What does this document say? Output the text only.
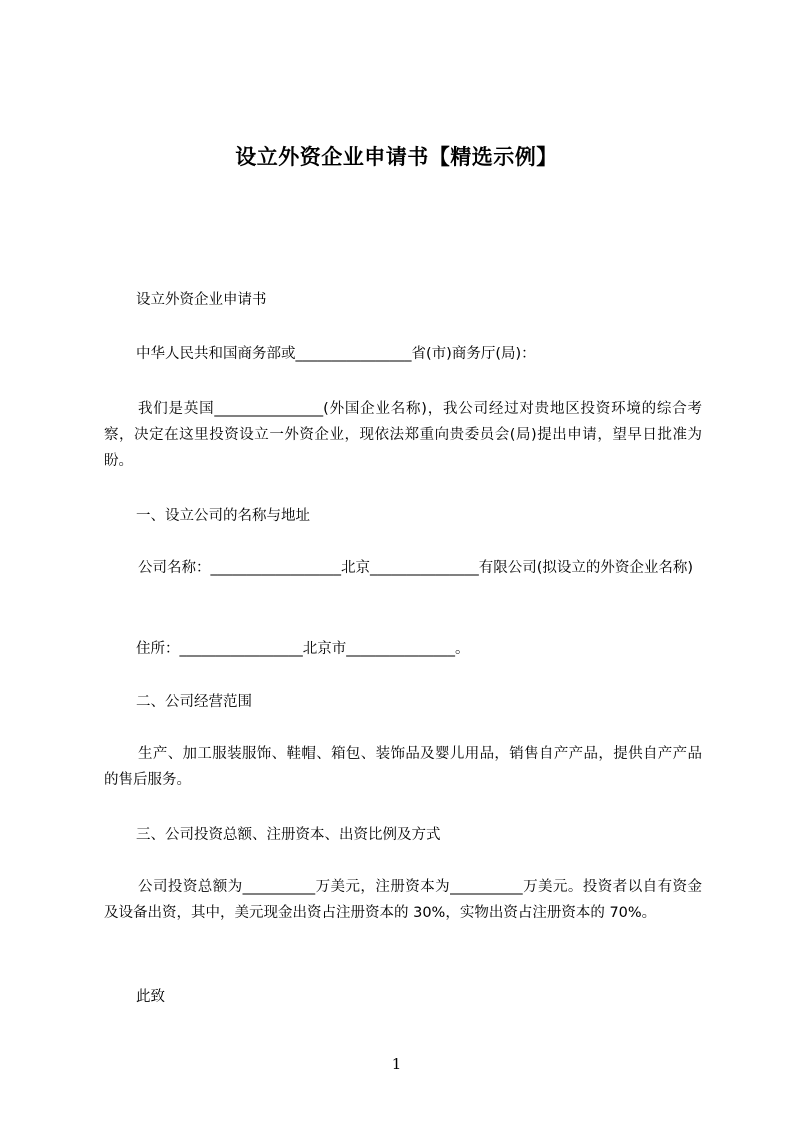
设立外资企业申请书【精选示例】
设立外资企业申请书
中华人民共和国商务部或________________省(市)商务厅(局)：
我们是英国_______________(外国企业名称)，我公司经过对贵地区投资环境的综合考察，决定在这里投资设立一外资企业，现依法郑重向贵委员会(局)提出申请，望早日批准为盼。
一、设立公司的名称与地址
公司名称：__________________北京_______________有限公司(拟设立的外资企业名称)
住所：_________________北京市_______________。
二、公司经营范围
生产、加工服装服饰、鞋帽、箱包、装饰品及婴儿用品，销售自产产品，提供自产产品的售后服务。
三、公司投资总额、注册资本、出资比例及方式
公司投资总额为__________万美元，注册资本为__________万美元。投资者以自有资金及设备出资，其中，美元现金出资占注册资本的 30%，实物出资占注册资本的 70%。
此致
1
